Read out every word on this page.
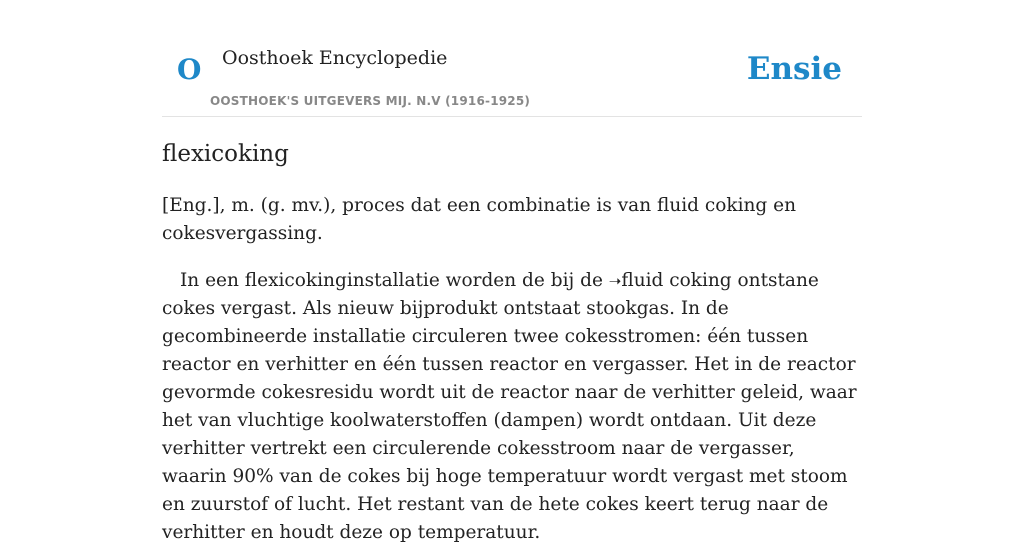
O Oosthoek Encyclopedie
OOSTHOEK'S UITGEVERS MIJ. N.V (1916-1925)
Ensie
flexicoking

[Eng.], m. (g. mv.), proces dat een combinatie is van fluid coking en cokesvergassing.

In een flexicokinginstallatie worden de bij de ➝fluid coking ontstane cokes vergast. Als nieuw bijprodukt ontstaat stookgas. In de gecombineerde installatie circuleren twee cokesstromen: één tussen reactor en verhitter en één tussen reactor en vergasser. Het in de reactor gevormde cokesresidu wordt uit de reactor naar de verhitter geleid, waar het van vluchtige koolwaterstoffen (dampen) wordt ontdaan. Uit deze verhitter vertrekt een circulerende cokesstroom naar de vergasser, waarin 90% van de cokes bij hoge temperatuur wordt vergast met stoom en zuurstof of lucht. Het restant van de hete cokes keert terug naar de verhitter en houdt deze op temperatuur.
